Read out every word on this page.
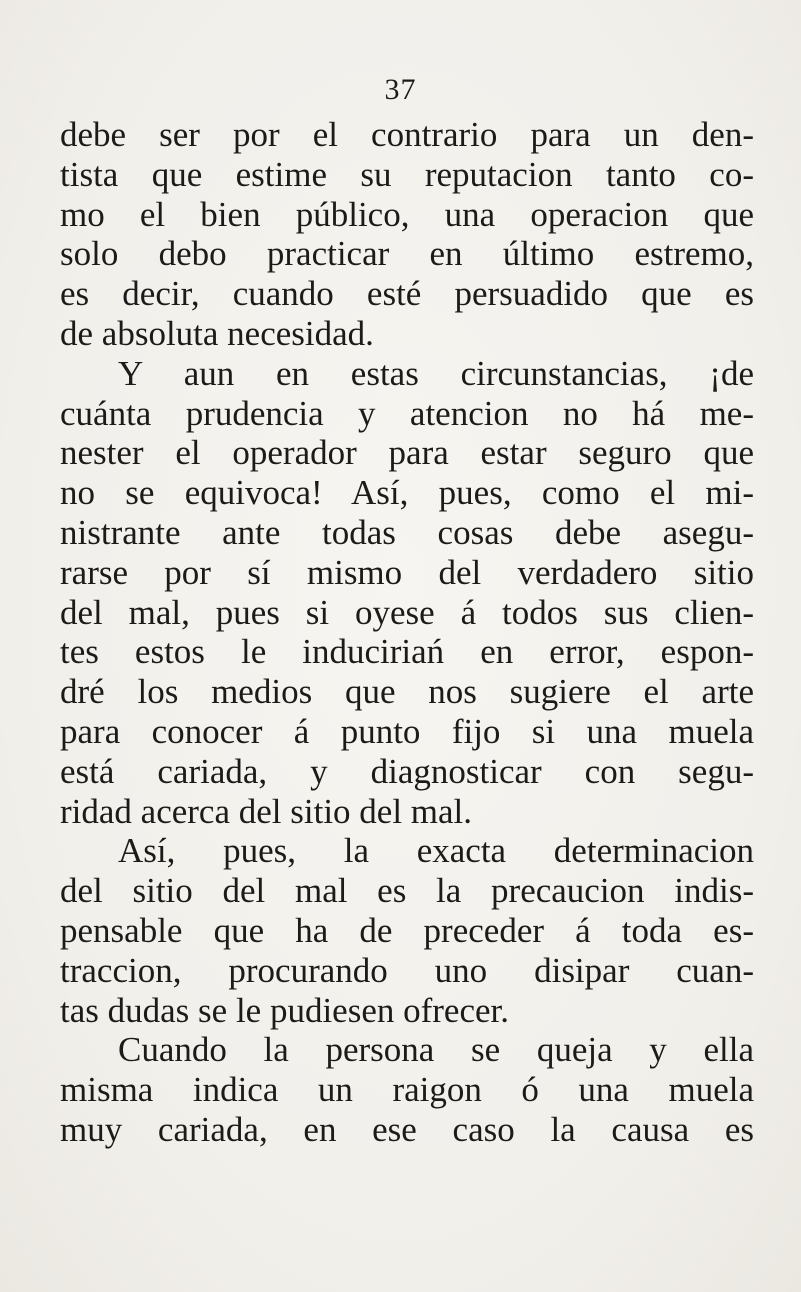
37
debe ser por el contrario para un den-
tista que estime su reputacion tanto co-
mo el bien público, una operacion que
solo debo practicar en último estremo,
es decir, cuando esté persuadido que es
de absoluta necesidad.
Y aun en estas circunstancias, ¡de
cuánta prudencia y atencion no há me-
nester el operador para estar seguro que
no se equivoca! Así, pues, como el mi-
nistrante ante todas cosas debe asegu-
rarse por sí mismo del verdadero sitio
del mal, pues si oyese á todos sus clien-
tes estos le induciriań en error, espon-
dré los medios que nos sugiere el arte
para conocer á punto fijo si una muela
está cariada, y diagnosticar con segu-
ridad acerca del sitio del mal.
Así, pues, la exacta determinacion
del sitio del mal es la precaucion indis-
pensable que ha de preceder á toda es-
traccion, procurando uno disipar cuan-
tas dudas se le pudiesen ofrecer.
Cuando la persona se queja y ella
misma indica un raigon ó una muela
muy cariada, en ese caso la causa es
